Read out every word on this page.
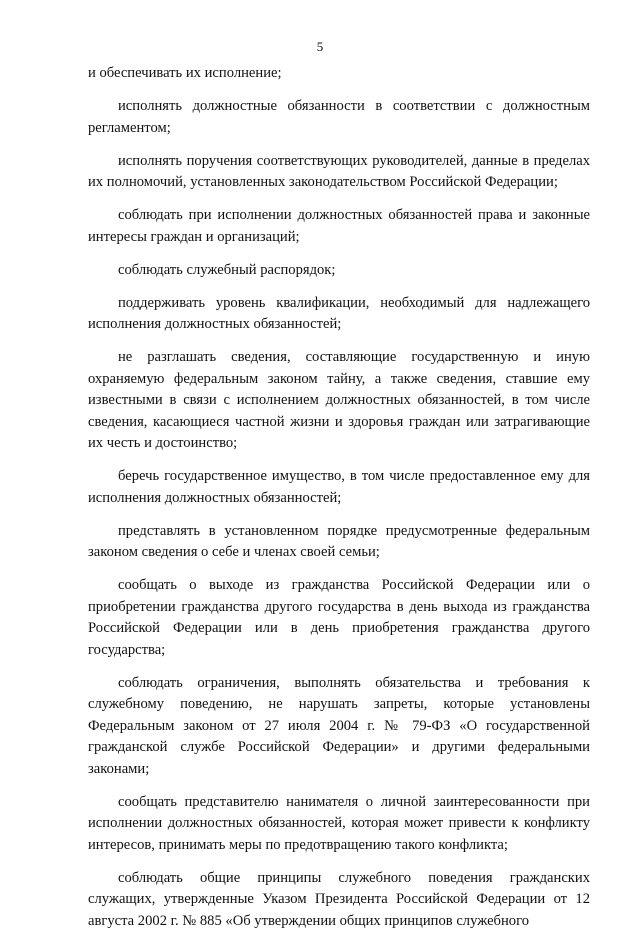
5

и обеспечивать их исполнение;

исполнять должностные обязанности в соответствии с должностным регламентом;

исполнять поручения соответствующих руководителей, данные в пределах их полномочий, установленных законодательством Российской Федерации;

соблюдать при исполнении должностных обязанностей права и законные интересы граждан и организаций;

соблюдать служебный распорядок;

поддерживать уровень квалификации, необходимый для надлежащего исполнения должностных обязанностей;

не разглашать сведения, составляющие государственную и иную охраняемую федеральным законом тайну, а также сведения, ставшие ему известными в связи с исполнением должностных обязанностей, в том числе сведения, касающиеся частной жизни и здоровья граждан или затрагивающие их честь и достоинство;

беречь государственное имущество, в том числе предоставленное ему для исполнения должностных обязанностей;

представлять в установленном порядке предусмотренные федеральным законом сведения о себе и членах своей семьи;

сообщать о выходе из гражданства Российской Федерации или о приобретении гражданства другого государства в день выхода из гражданства Российской Федерации или в день приобретения гражданства другого государства;

соблюдать ограничения, выполнять обязательства и требования к служебному поведению, не нарушать запреты, которые установлены Федеральным законом от 27 июля 2004 г. № 79-ФЗ «О государственной гражданской службе Российской Федерации» и другими федеральными законами;

сообщать представителю нанимателя о личной заинтересованности при исполнении должностных обязанностей, которая может привести к конфликту интересов, принимать меры по предотвращению такого конфликта;

соблюдать общие принципы служебного поведения гражданских служащих, утвержденные Указом Президента Российской Федерации от 12 августа 2002 г. № 885 «Об утверждении общих принципов служебного
